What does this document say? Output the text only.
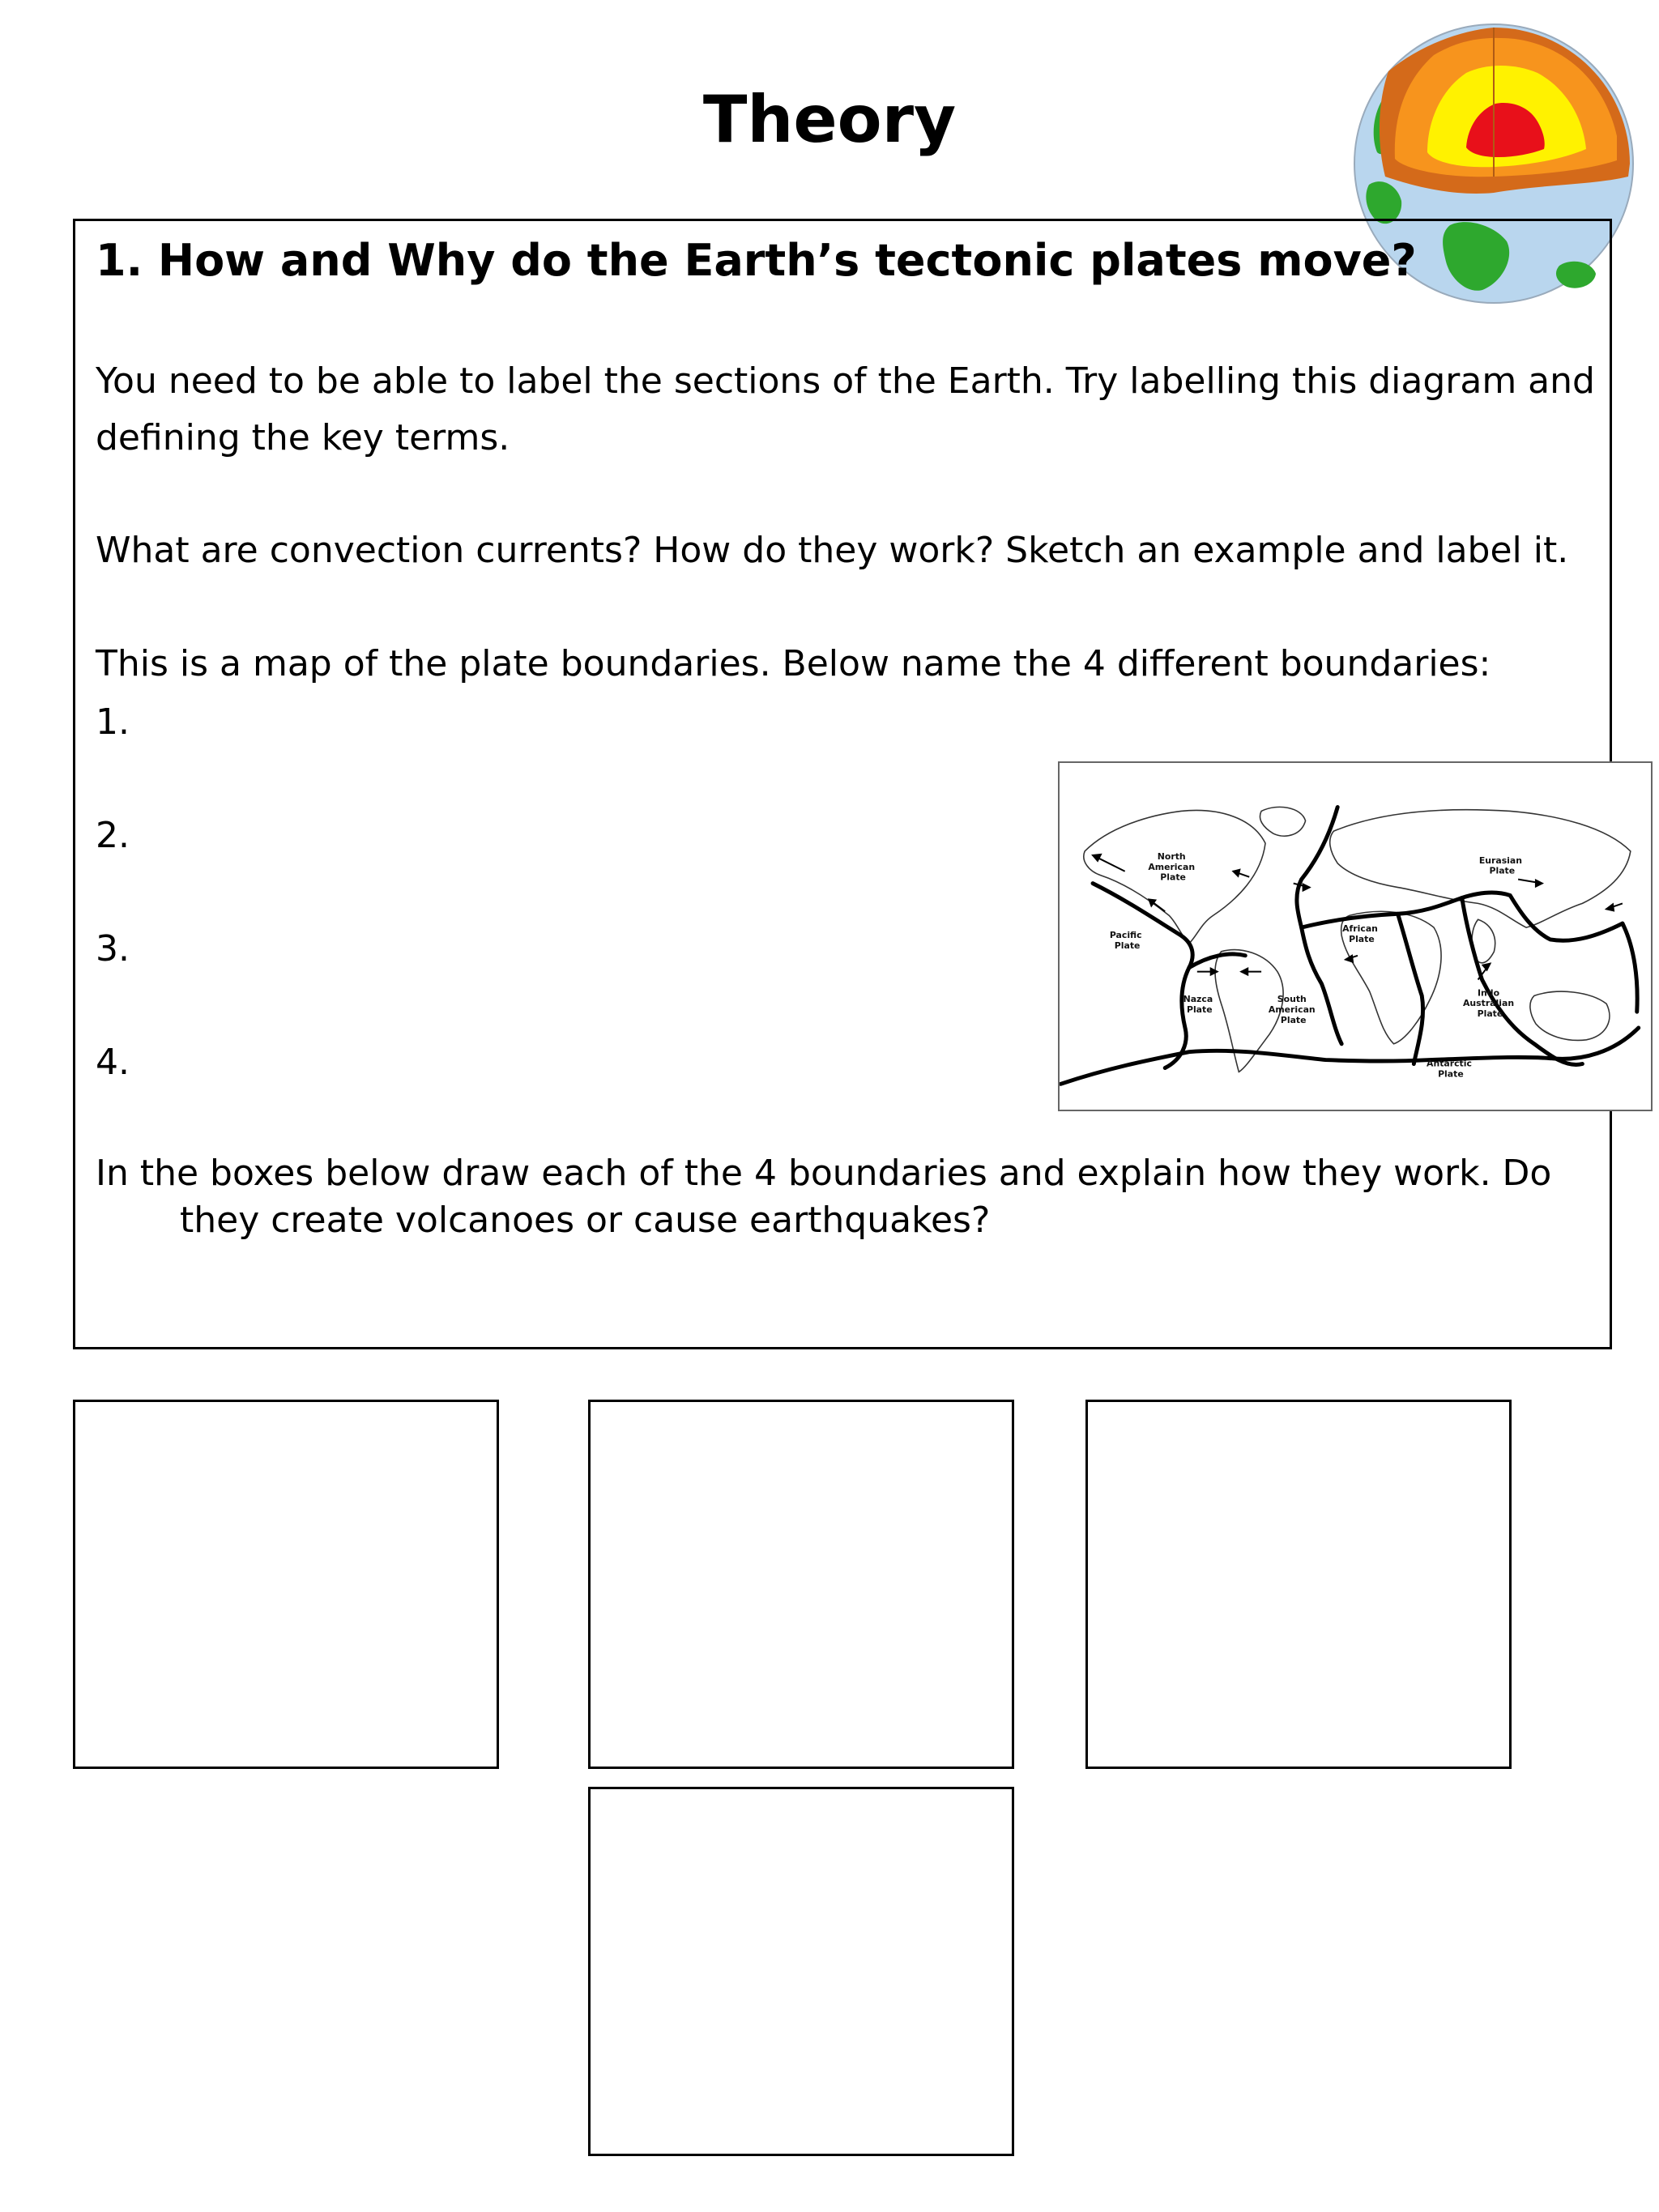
Theory
1. How and Why do the Earth’s tectonic plates move?
You need to be able to label the sections of the Earth. Try labelling this diagram and
defining the key terms.
What are convection currents? How do they work? Sketch an example and label it.
This is a map of the plate boundaries. Below name the 4 different boundaries:
1.
2.
3.
4.
In the boxes below draw each of the 4 boundaries and explain how they work. Do
they create volcanoes or cause earthquakes?
North American Plate
Eurasian Plate
African Plate
Pacific Plate
Nazca Plate
South American Plate
Indo Australian Plate
Antarctic Plate
